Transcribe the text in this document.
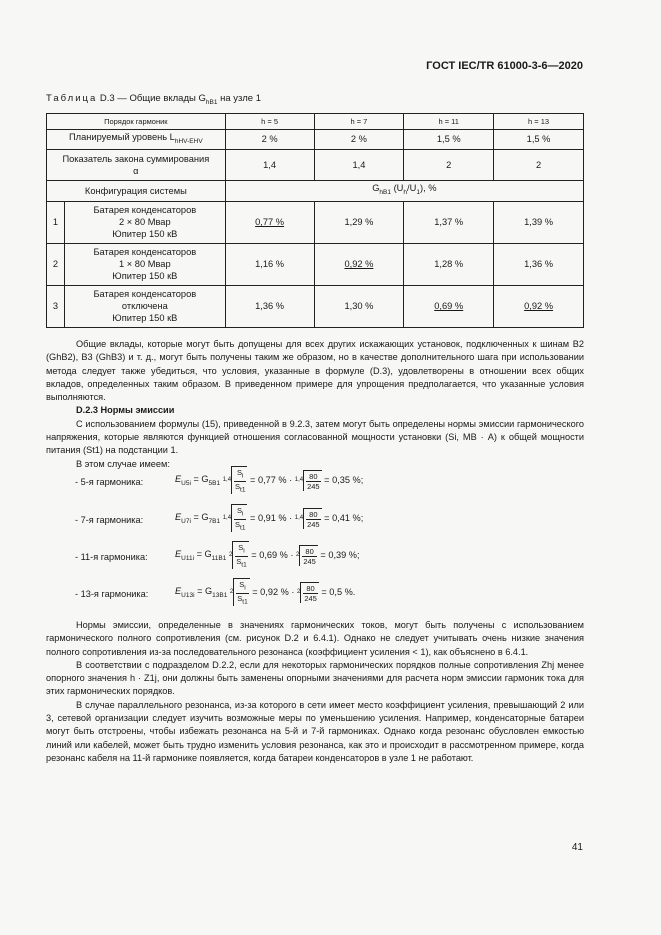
ГОСТ IEC/TR 61000-3-6—2020
Таблица D.3 — Общие вклады $G_{hB1}$ на узле 1
Порядок гармоник		h = 5	h = 7	h = 11	h = 13
Планируемый уровень $L_{hHV-EHV}$		2 %	2 %	1,5 %	1,5 %
Показатель закона суммирования
α		1,4	1,4	2	2
Конфигурация системы		$G_{hB1}$ $(U_h/U_1)$, %			
1	Батарея конденсаторов
2 × 80 Мвар
Юпитер 150 кВ	0,77 %	1,29 %	1,37 %	1,39 %
2	Батарея конденсаторов
1 × 80 Мвар
Юпитер 150 кВ	1,16 %	0,92 %	1,28 %	1,36 %
3	Батарея конденсаторов
отключена
Юпитер 150 кВ	1,36 %	1,30 %	0,69 %	0,92 %

Общие вклады, которые могут быть допущены для всех других искажающих установок, подключенных к шинам B2 (GhB2), B3 (GhB3) и т. д., могут быть получены таким же образом, но в качестве дополнительного шага при использовании метода следует также убедиться, что условия, указанные в формуле (D.3), удовлетворены в отношении всех общих вкладов, определенных таким образом. В приведенном примере для упрощения предполагается, что указанные условия выполняются.

D.2.3 Нормы эмиссии

С использованием формулы (15), приведенной в 9.2.3, затем могут быть определены нормы эмиссии гармонического напряжения, которые являются функцией отношения согласованной мощности установки (Si, МВ · А) к общей мощности питания (St1) на подстанции 1.

В этом случае имеем:

- 5-я гармоника:	$E_{U5i} = G_{5B1}$ $1,4 \frac{S_i}{S_{t1}} = 0,77$ % · $1,4 \frac{80}{245} = 0,35$ %;
- 7-я гармоника:	$E_{U7i} = G_{7B1}$ $1,4 \frac{S_i}{S_{t1}} = 0,91$ % · $1,4 \frac{80}{245} = 0,41$ %;
- 11-я гармоника:	$E_{U11i} = G_{11B1}$ $2 \frac{S_i}{S_{t1}} = 0,69$ % · $2 \frac{80}{245} = 0,39$ %;
- 13-я гармоника:	$E_{U13i} = G_{13B1}$ $2 \frac{S_i}{S_{t1}} = 0,92$ % · $2 \frac{80}{245} = 0,5$ %.

Нормы эмиссии, определенные в значениях гармонических токов, могут быть получены с использованием гармонического полного сопротивления (см. рисунок D.2 и 6.4.1). Однако не следует учитывать очень низкие значения полного сопротивления из-за последовательного резонанса (коэффициент усиления < 1), как объяснено в 6.4.1.

В соответствии с подразделом D.2.2, если для некоторых гармонических порядков полные сопротивления Zhj менее опорного значения h · Z1j, они должны быть заменены опорными значениями для расчета норм эмиссии гармоник тока для этих гармонических порядков.

В случае параллельного резонанса, из-за которого в сети имеет место коэффициент усиления, превышающий 2 или 3, сетевой организации следует изучить возможные меры по уменьшению усиления. Например, конденсаторные батареи могут быть отстроены, чтобы избежать резонанса на 5-й и 7-й гармониках. Однако когда резонанс обусловлен емкостью линий или кабелей, может быть трудно изменить условия резонанса, как это и происходит в рассмотренном примере, когда резонанс кабеля на 11-й гармонике появляется, когда батареи конденсаторов в узле 1 не работают.

41
